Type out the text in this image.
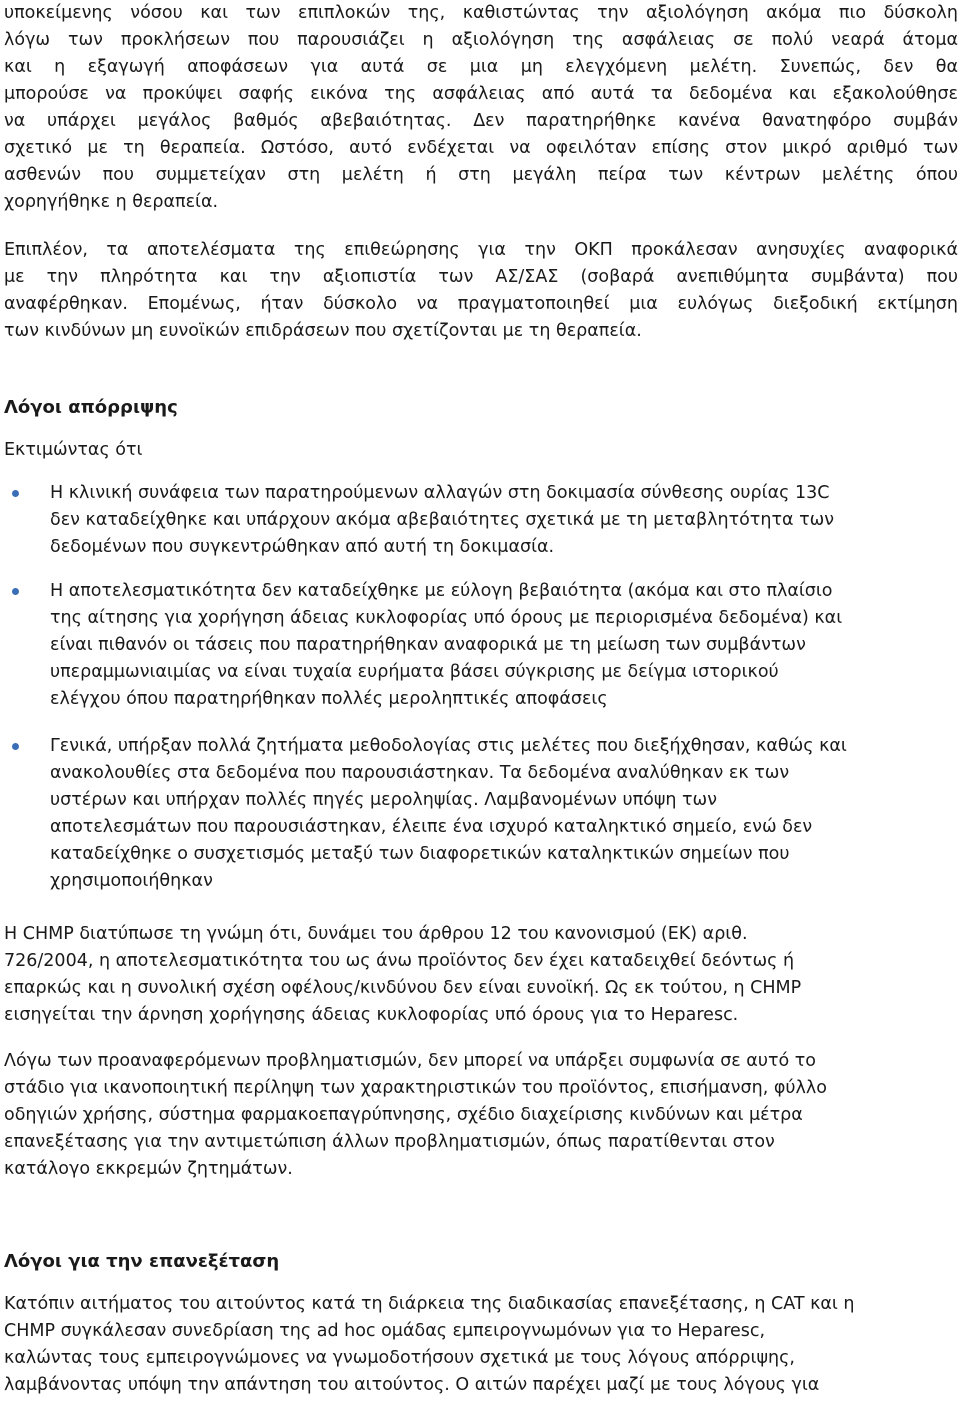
υποκείμενης νόσου και των επιπλοκών της, καθιστώντας την αξιολόγηση ακόμα πιο δύσκολη
λόγω των προκλήσεων που παρουσιάζει η αξιολόγηση της ασφάλειας σε πολύ νεαρά άτομα
και η εξαγωγή αποφάσεων για αυτά σε μια μη ελεγχόμενη μελέτη. Συνεπώς, δεν θα
μπορούσε να προκύψει σαφής εικόνα της ασφάλειας από αυτά τα δεδομένα και εξακολούθησε
να υπάρχει μεγάλος βαθμός αβεβαιότητας. Δεν παρατηρήθηκε κανένα θανατηφόρο συμβάν
σχετικό με τη θεραπεία. Ωστόσο, αυτό ενδέχεται να οφειλόταν επίσης στον μικρό αριθμό των
ασθενών που συμμετείχαν στη μελέτη ή στη μεγάλη πείρα των κέντρων μελέτης όπου
χορηγήθηκε η θεραπεία.
Επιπλέον, τα αποτελέσματα της επιθεώρησης για την ΟΚΠ προκάλεσαν ανησυχίες αναφορικά
με την πληρότητα και την αξιοπιστία των ΑΣ/ΣΑΣ (σοβαρά ανεπιθύμητα συμβάντα) που
αναφέρθηκαν. Επομένως, ήταν δύσκολο να πραγματοποιηθεί μια ευλόγως διεξοδική εκτίμηση
των κινδύνων μη ευνοϊκών επιδράσεων που σχετίζονται με τη θεραπεία.
Λόγοι απόρριψης
Εκτιμώντας ότι
Η κλινική συνάφεια των παρατηρούμενων αλλαγών στη δοκιμασία σύνθεσης ουρίας 13C
δεν καταδείχθηκε και υπάρχουν ακόμα αβεβαιότητες σχετικά με τη μεταβλητότητα των
δεδομένων που συγκεντρώθηκαν από αυτή τη δοκιμασία.
Η αποτελεσματικότητα δεν καταδείχθηκε με εύλογη βεβαιότητα (ακόμα και στο πλαίσιο
της αίτησης για χορήγηση άδειας κυκλοφορίας υπό όρους με περιορισμένα δεδομένα) και
είναι πιθανόν οι τάσεις που παρατηρήθηκαν αναφορικά με τη μείωση των συμβάντων
υπεραμμωνιαιμίας να είναι τυχαία ευρήματα βάσει σύγκρισης με δείγμα ιστορικού
ελέγχου όπου παρατηρήθηκαν πολλές μεροληπτικές αποφάσεις
Γενικά, υπήρξαν πολλά ζητήματα μεθοδολογίας στις μελέτες που διεξήχθησαν, καθώς και
ανακολουθίες στα δεδομένα που παρουσιάστηκαν. Τα δεδομένα αναλύθηκαν εκ των
υστέρων και υπήρχαν πολλές πηγές μεροληψίας. Λαμβανομένων υπόψη των
αποτελεσμάτων που παρουσιάστηκαν, έλειπε ένα ισχυρό καταληκτικό σημείο, ενώ δεν
καταδείχθηκε ο συσχετισμός μεταξύ των διαφορετικών καταληκτικών σημείων που
χρησιμοποιήθηκαν
Η CHMP διατύπωσε τη γνώμη ότι, δυνάμει του άρθρου 12 του κανονισμού (ΕΚ) αριθ.
726/2004, η αποτελεσματικότητα του ως άνω προϊόντος δεν έχει καταδειχθεί δεόντως ή
επαρκώς και η συνολική σχέση οφέλους/κινδύνου δεν είναι ευνοϊκή. Ως εκ τούτου, η CHMP
εισηγείται την άρνηση χορήγησης άδειας κυκλοφορίας υπό όρους για το Heparesc.
Λόγω των προαναφερόμενων προβληματισμών, δεν μπορεί να υπάρξει συμφωνία σε αυτό το
στάδιο για ικανοποιητική περίληψη των χαρακτηριστικών του προϊόντος, επισήμανση, φύλλο
οδηγιών χρήσης, σύστημα φαρμακοεπαγρύπνησης, σχέδιο διαχείρισης κινδύνων και μέτρα
επανεξέτασης για την αντιμετώπιση άλλων προβληματισμών, όπως παρατίθενται στον
κατάλογο εκκρεμών ζητημάτων.
Λόγοι για την επανεξέταση
Κατόπιν αιτήματος του αιτούντος κατά τη διάρκεια της διαδικασίας επανεξέτασης, η CAT και η
CHMP συγκάλεσαν συνεδρίαση της ad hoc ομάδας εμπειρογνωμόνων για το Heparesc,
καλώντας τους εμπειρογνώμονες να γνωμοδοτήσουν σχετικά με τους λόγους απόρριψης,
λαμβάνοντας υπόψη την απάντηση του αιτούντος. Ο αιτών παρέχει μαζί με τους λόγους για
